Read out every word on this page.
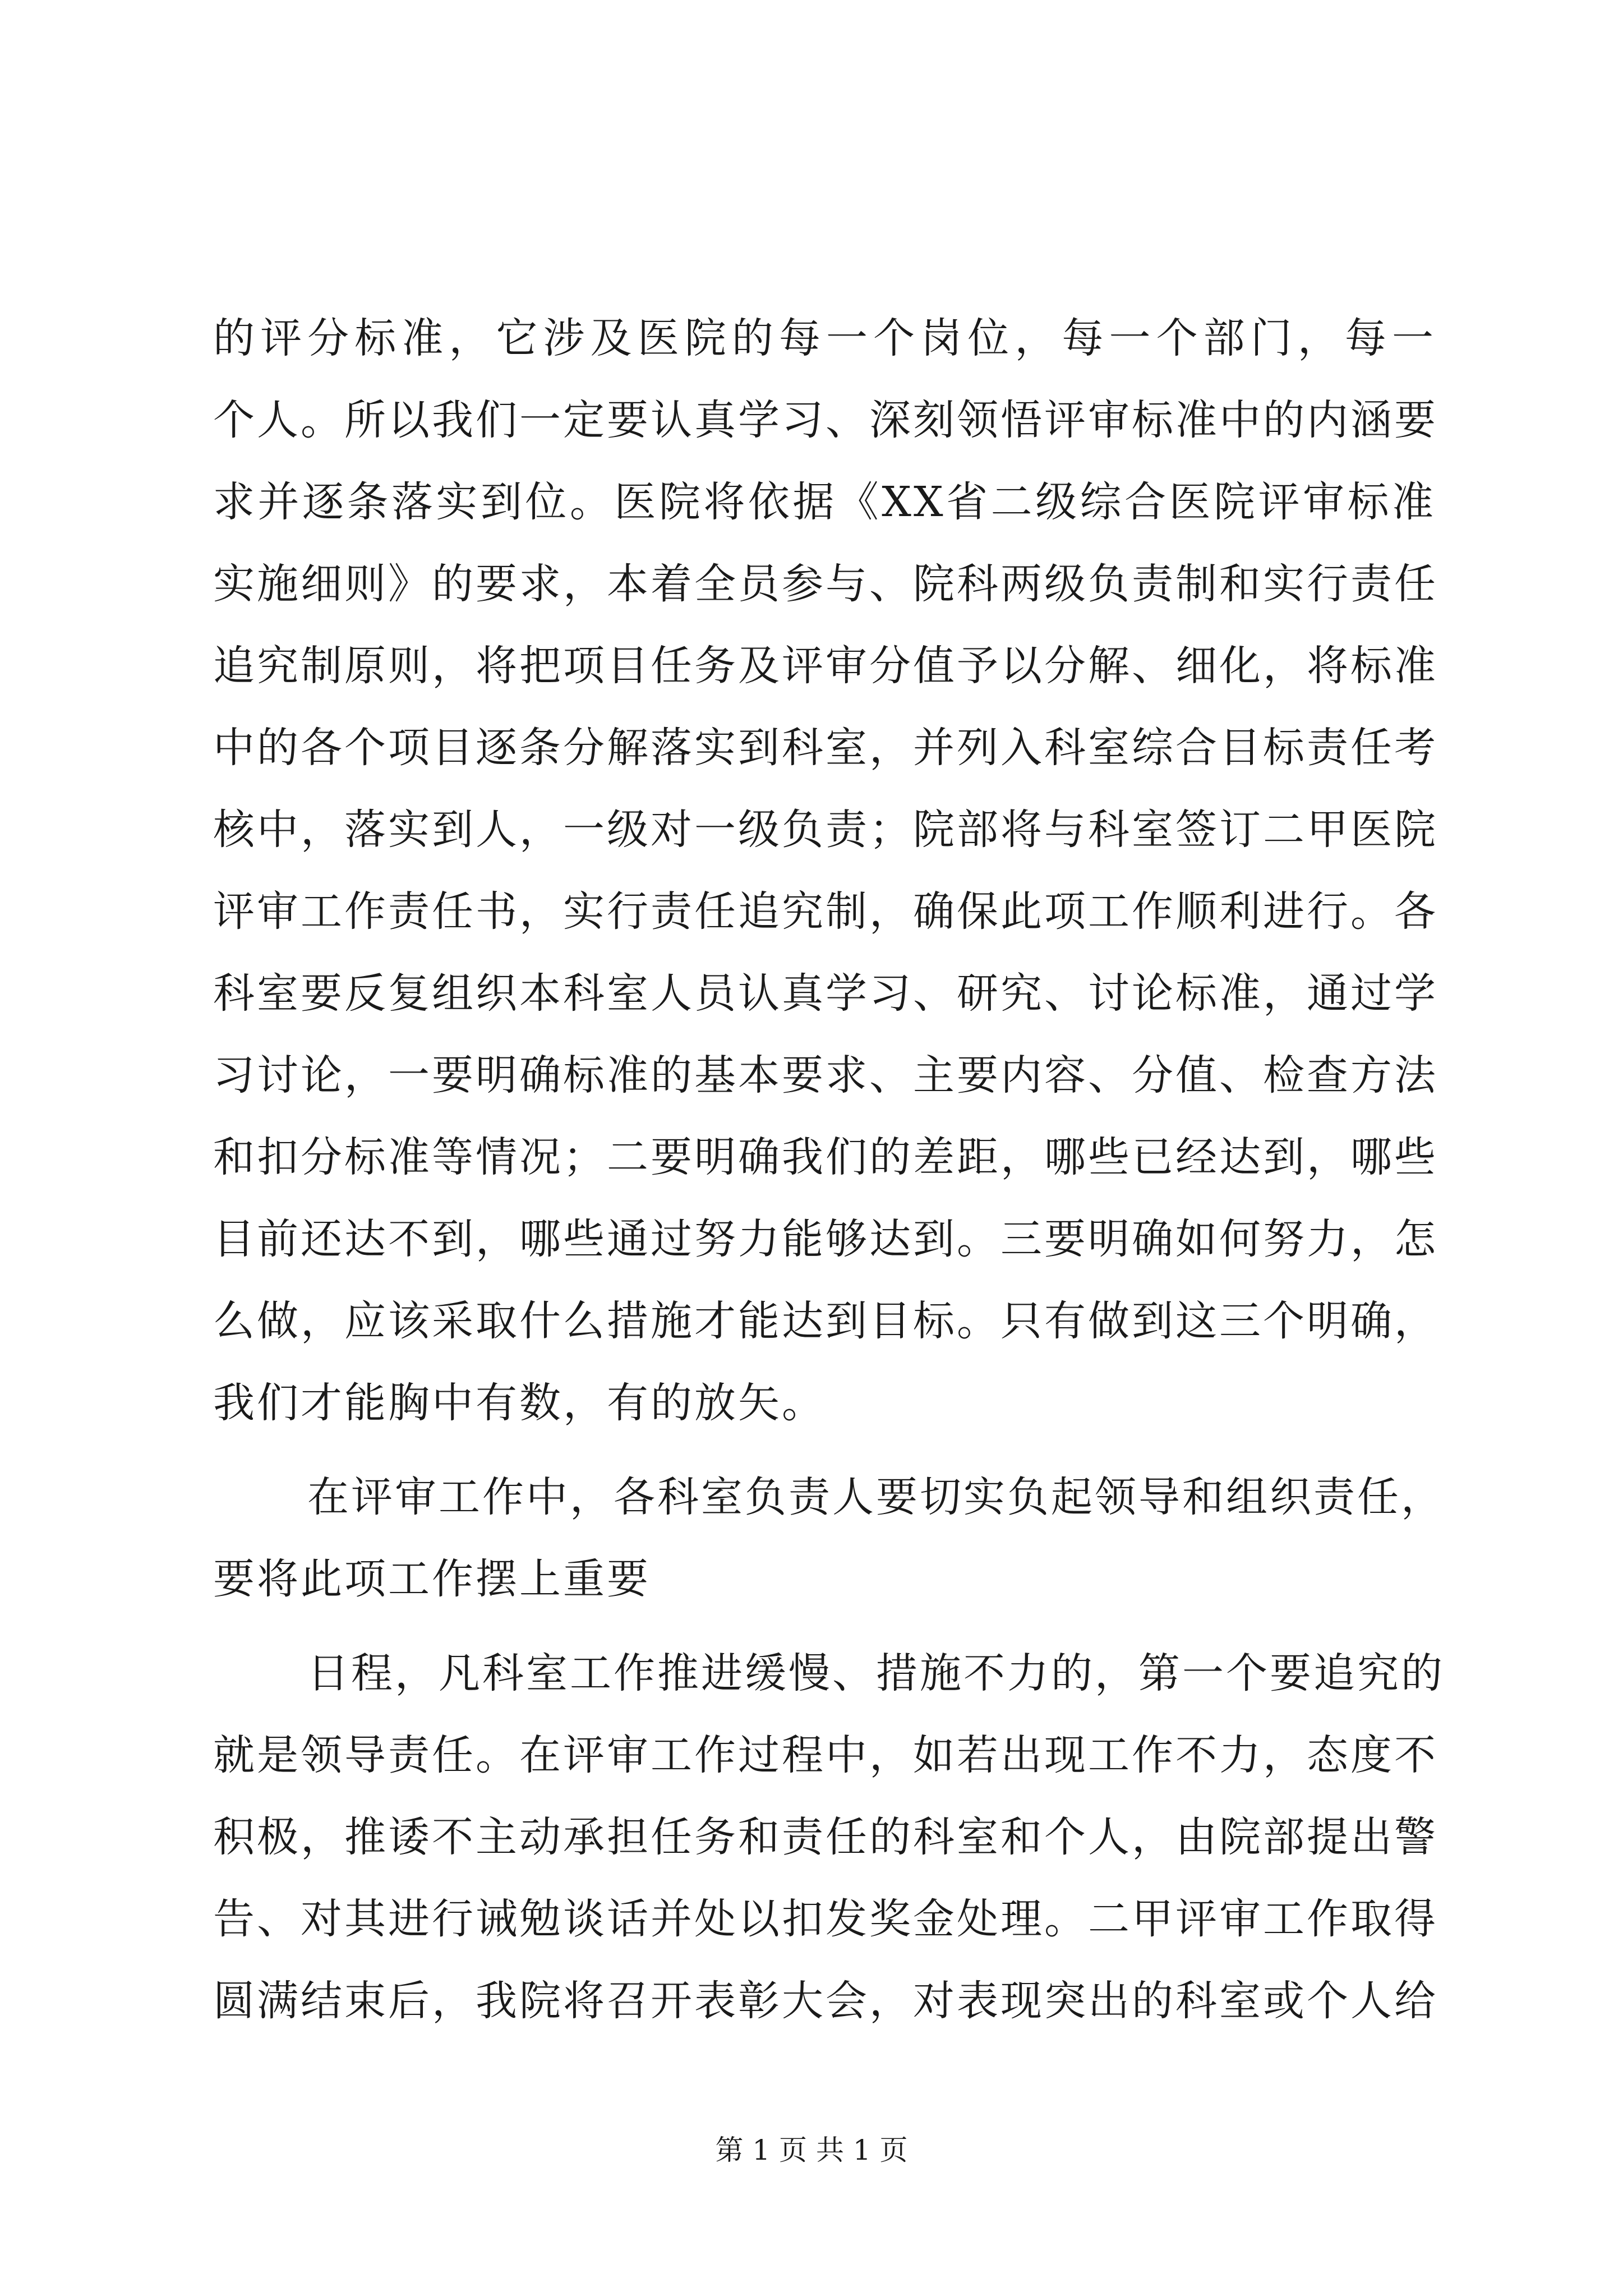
的评分标准，它涉及医院的每一个岗位，每一个部门，每一
个人。所以我们一定要认真学习、深刻领悟评审标准中的内涵要
求并逐条落实到位。医院将依据《XX省二级综合医院评审标准
实施细则》的要求，本着全员参与、院科两级负责制和实行责任
追究制原则，将把项目任务及评审分值予以分解、细化，将标准
中的各个项目逐条分解落实到科室，并列入科室综合目标责任考
核中，落实到人，一级对一级负责；院部将与科室签订二甲医院
评审工作责任书，实行责任追究制，确保此项工作顺利进行。各
科室要反复组织本科室人员认真学习、研究、讨论标准，通过学
习讨论，一要明确标准的基本要求、主要内容、分值、检查方法
和扣分标准等情况；二要明确我们的差距，哪些已经达到，哪些
目前还达不到，哪些通过努力能够达到。三要明确如何努力，怎
么做，应该采取什么措施才能达到目标。只有做到这三个明确，
我们才能胸中有数，有的放矢。
在评审工作中，各科室负责人要切实负起领导和组织责任，
要将此项工作摆上重要
日程，凡科室工作推进缓慢、措施不力的，第一个要追究的
就是领导责任。在评审工作过程中，如若出现工作不力，态度不
积极，推诿不主动承担任务和责任的科室和个人，由院部提出警
告、对其进行诫勉谈话并处以扣发奖金处理。二甲评审工作取得
圆满结束后，我院将召开表彰大会，对表现突出的科室或个人给
第 1 页 共 1 页
